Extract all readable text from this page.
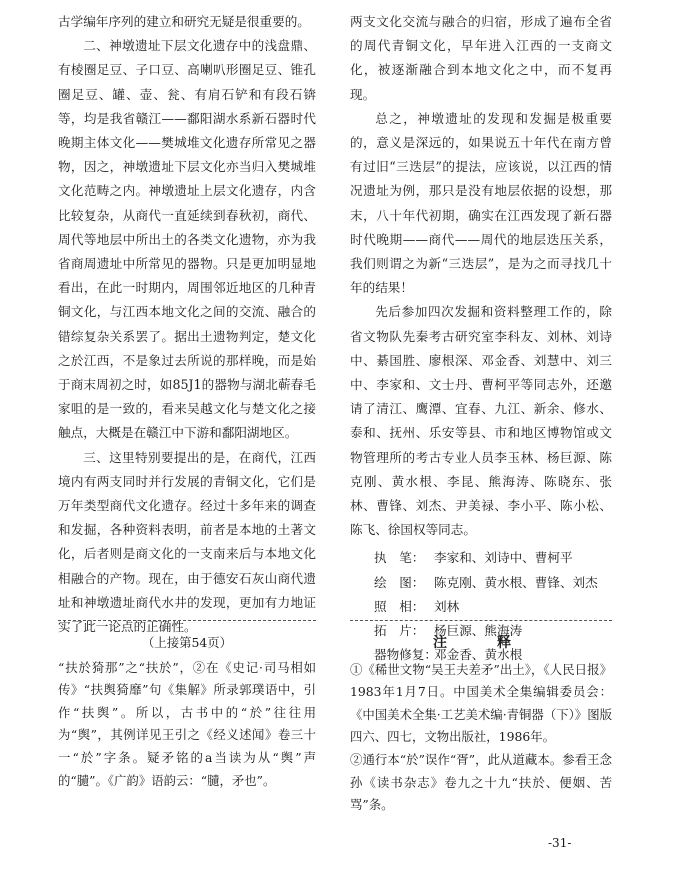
古学编年序列的建立和研究无疑是很重要的。

二、神墩遗址下层文化遗存中的浅盘鼎、有棱圈足豆、子口豆、高喇叭形圈足豆、锥孔圈足豆、罐、壶、瓮、有肩石铲和有段石锛等，均是我省赣江——鄱阳湖水系新石器时代晚期主体文化——樊城堆文化遗存所常见之器物，因之，神墩遗址下层文化亦当归入樊城堆文化范畴之内。神墩遗址上层文化遗存，内含比较复杂，从商代一直延续到春秋初，商代、周代等地层中所出土的各类文化遗物，亦为我省商周遗址中所常见的器物。只是更加明显地看出，在此一时期内，周围邻近地区的几种青铜文化，与江西本地文化之间的交流、融合的错综复杂关系罢了。据出土遗物判定，楚文化之於江西，不是象过去所说的那样晚，而是始于商末周初之时，如85J1的器物与湖北蕲春毛家咀的是一致的，看来吴越文化与楚文化之接触点，大概是在赣江中下游和鄱阳湖地区。

三、这里特别要提出的是，在商代，江西境内有两支同时并行发展的青铜文化，它们是万年类型商代文化遗存。经过十多年来的调查和发掘，各种资料表明，前者是本地的土著文化，后者则是商文化的一支南来后与本地文化相融合的产物。现在，由于德安石灰山商代遗址和神墩遗址商代水井的发现，更加有力地证实了此一论点的正确性。

两支文化交流与融合的归宿，形成了遍布全省的周代青铜文化，早年进入江西的一支商文化，被逐渐融合到本地文化之中，而不复再现。

总之，神墩遗址的发现和发掘是极重要的，意义是深远的，如果说五十年代在南方曾有过旧“三迭层”的提法，应该说，以江西的情况遗址为例，那只是没有地层依据的设想，那末，八十年代初期，确实在江西发现了新石器时代晚期——商代——周代的地层迭压关系，我们则谓之为新“三迭层”，是为之而寻找几十年的结果！

先后参加四次发掘和资料整理工作的，除省文物队先秦考古研究室李科友、刘林、刘诗中、綦国胜、廖根深、邓金香、刘慧中、刘三中、李家和、文士丹、曹柯平等同志外，还邀请了清江、鹰潭、宜春、九江、新余、修水、泰和、抚州、乐安等县、市和地区博物馆或文物管理所的考古专业人员李玉林、杨巨源、陈克刚、黄水根、李昆、熊海涛、陈晓东、张林、曹锋、刘杰、尹美禄、李小平、陈小松、陈飞、徐国权等同志。

执　笔： 李家和、刘诗中、曹柯平
绘　图： 陈克刚、黄水根、曹锋、刘杰
照　相： 刘林
拓　片： 杨巨源、熊海涛
器物修复：
邓金香、黄水根
（上接第54页）
“扶於猗那”之“扶於”，②在《史记·司马相如传》“扶舆猗靡”句《集解》所录郭璞语中，引作“扶舆”。所以，古书中的“於”往往用为“舆”，其例详见王引之《经义述闻》卷三十一“於”字条。疑矛铭的a当读为从“舆”声的“䑊”。《广韵》语韵云：“䑊，矛也”。
注　释

①《稀世文物“吴王夫差矛”出土》，《人民日报》1983年1月7日。中国美术全集编辑委员会：《中国美术全集·工艺美术编·青铜器（下）》图版四六、四七，文物出版社，1986年。

②通行本“於”误作“胥”，此从道藏本。参看王念孙《读书杂志》卷九之十九“扶於、便姻、苦骂”条。

-31-
